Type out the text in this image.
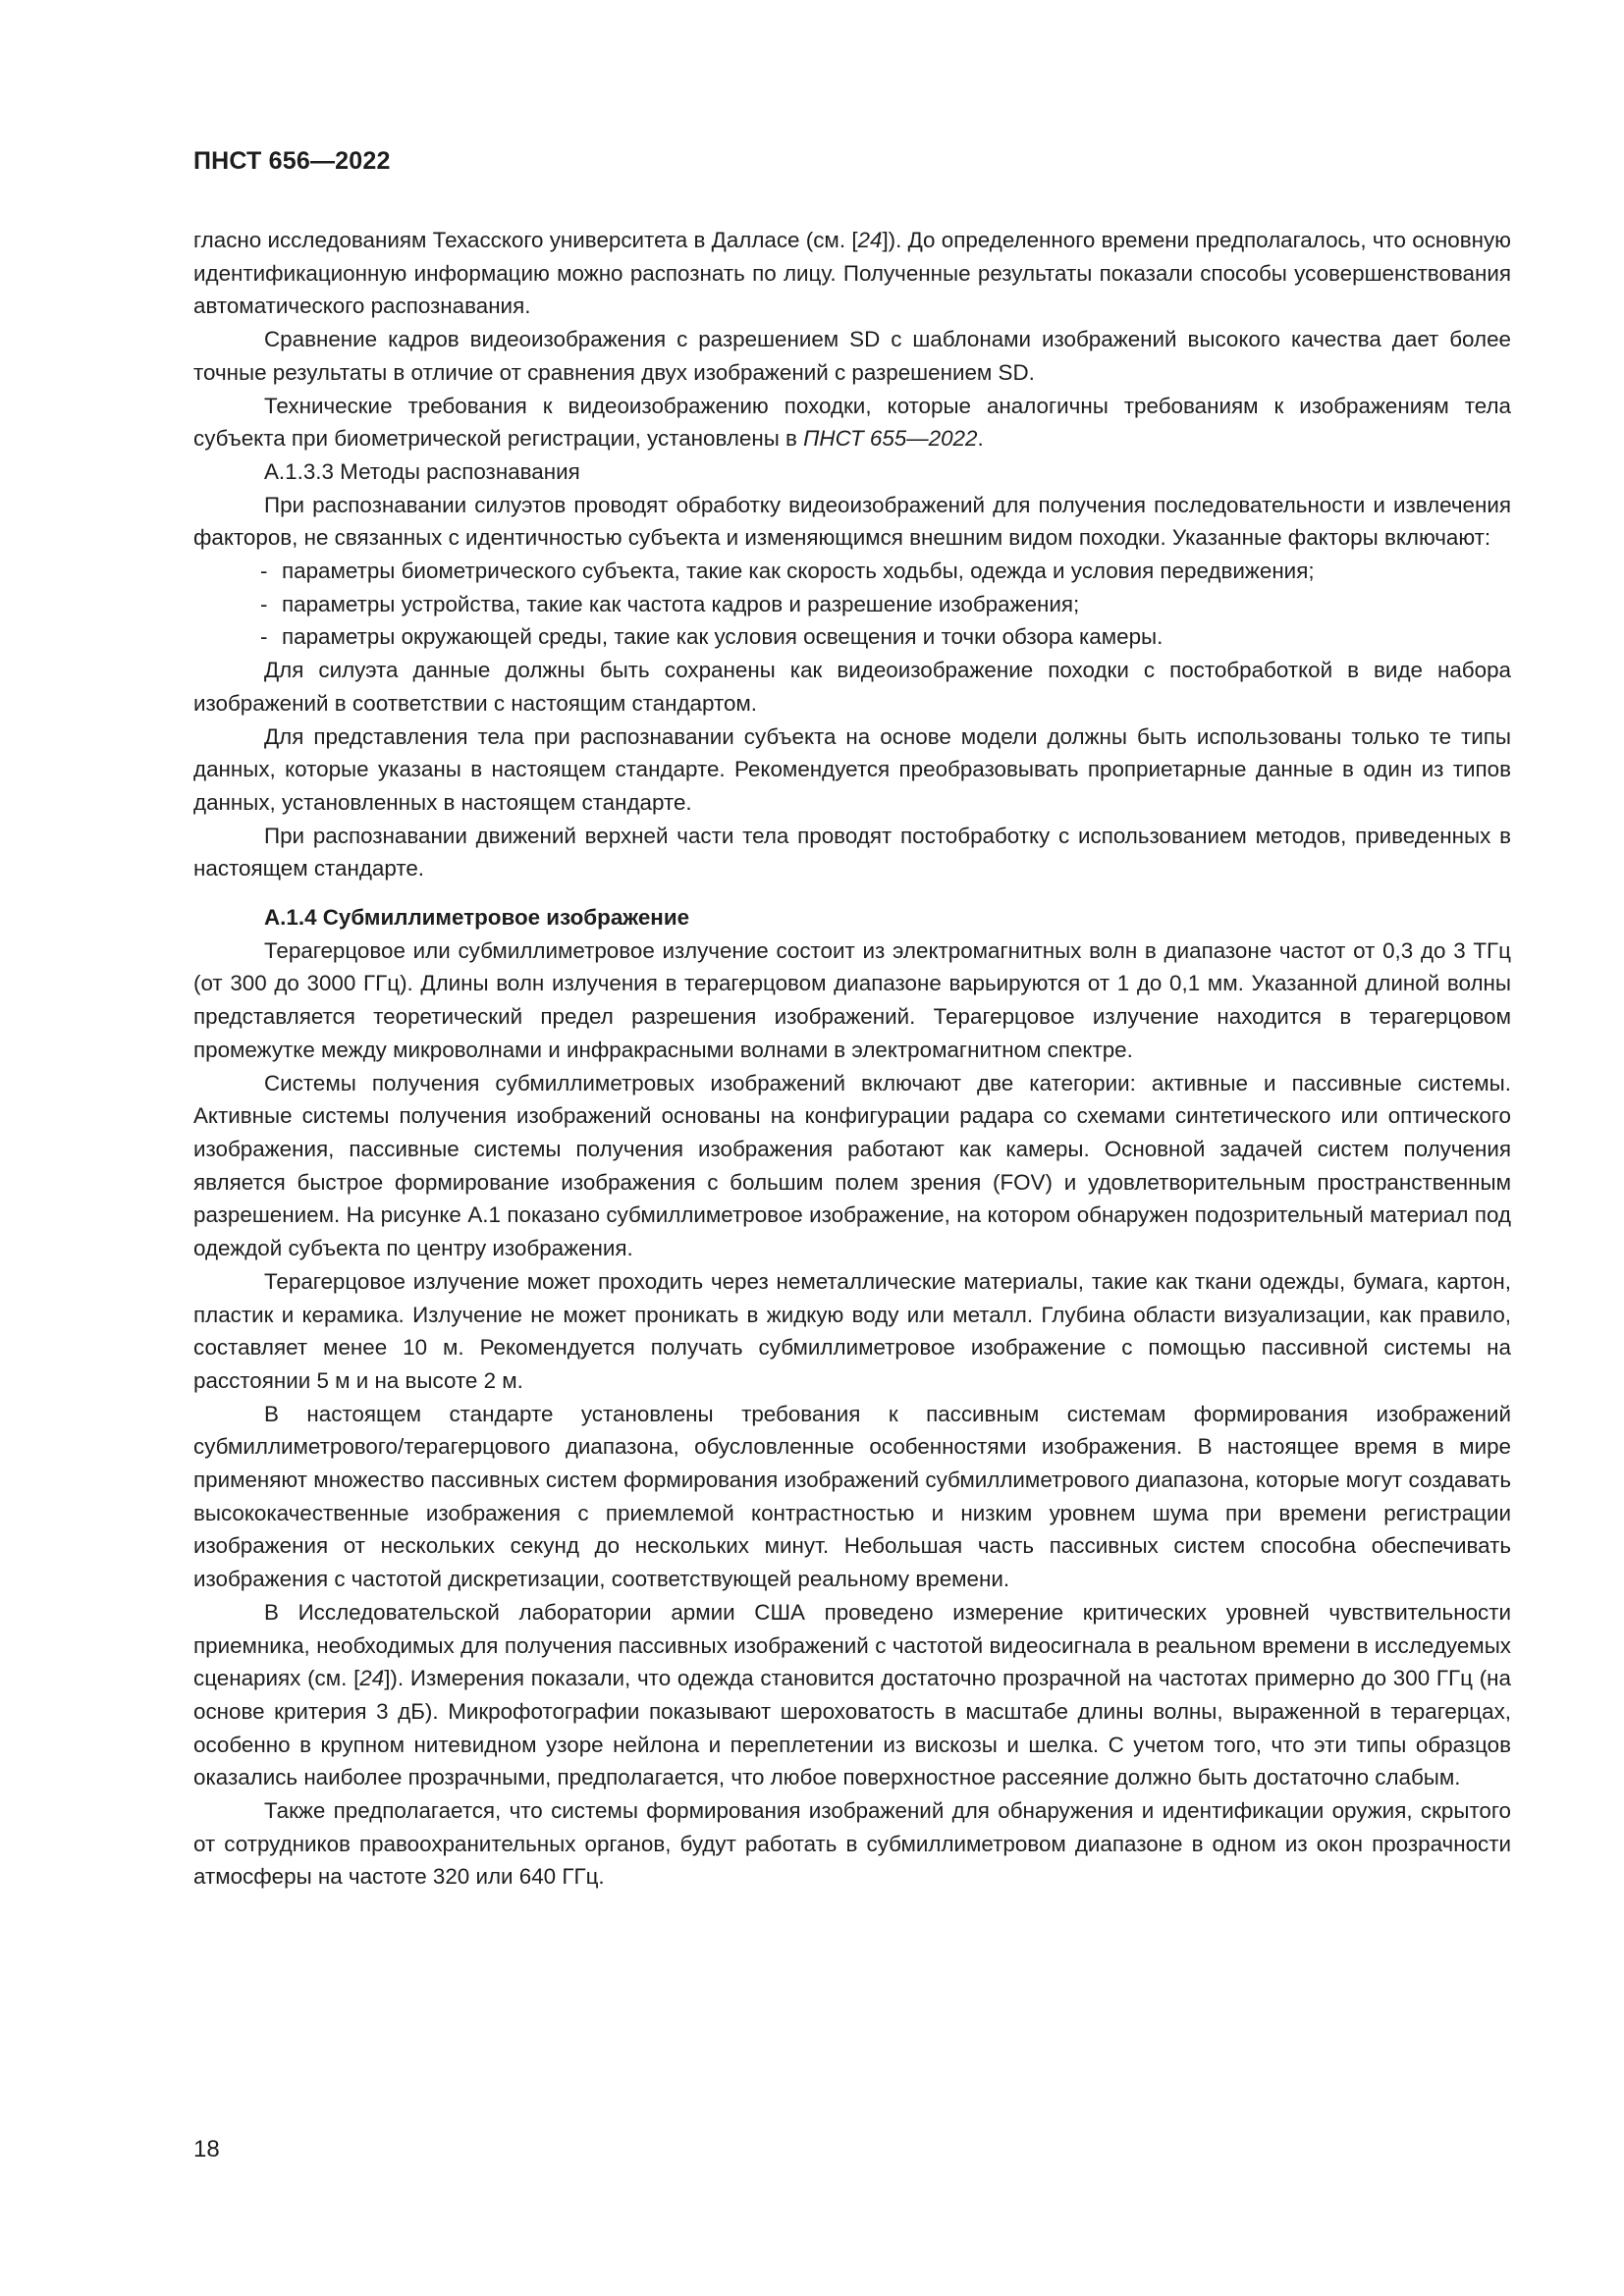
ПНСТ 656—2022

гласно исследованиям Техасского университета в Далласе (см. [24]). До определенного времени предполагалось, что основную идентификационную информацию можно распознать по лицу. Полученные результаты показали способы усовершенствования автоматического распознавания.

Сравнение кадров видеоизображения с разрешением SD с шаблонами изображений высокого качества дает более точные результаты в отличие от сравнения двух изображений с разрешением SD.

Технические требования к видеоизображению походки, которые аналогичны требованиям к изображениям тела субъекта при биометрической регистрации, установлены в ПНСТ 655—2022.

А.1.3.3 Методы распознавания

При распознавании силуэтов проводят обработку видеоизображений для получения последовательности и извлечения факторов, не связанных с идентичностью субъекта и изменяющимся внешним видом походки. Указанные факторы включают:

- параметры биометрического субъекта, такие как скорость ходьбы, одежда и условия передвижения;
- параметры устройства, такие как частота кадров и разрешение изображения;
- параметры окружающей среды, такие как условия освещения и точки обзора камеры.

Для силуэта данные должны быть сохранены как видеоизображение походки с постобработкой в виде набора изображений в соответствии с настоящим стандартом.

Для представления тела при распознавании субъекта на основе модели должны быть использованы только те типы данных, которые указаны в настоящем стандарте. Рекомендуется преобразовывать проприетарные данные в один из типов данных, установленных в настоящем стандарте.

При распознавании движений верхней части тела проводят постобработку с использованием методов, приведенных в настоящем стандарте.

А.1.4 Субмиллиметровое изображение

Терагерцовое или субмиллиметровое излучение состоит из электромагнитных волн в диапазоне частот от 0,3 до 3 ТГц (от 300 до 3000 ГГц). Длины волн излучения в терагерцовом диапазоне варьируются от 1 до 0,1 мм. Указанной длиной волны представляется теоретический предел разрешения изображений. Терагерцовое излучение находится в терагерцовом промежутке между микроволнами и инфракрасными волнами в электромагнитном спектре.

Системы получения субмиллиметровых изображений включают две категории: активные и пассивные системы. Активные системы получения изображений основаны на конфигурации радара со схемами синтетического или оптического изображения, пассивные системы получения изображения работают как камеры. Основной задачей систем получения является быстрое формирование изображения с большим полем зрения (FOV) и удовлетворительным пространственным разрешением. На рисунке А.1 показано субмиллиметровое изображение, на котором обнаружен подозрительный материал под одеждой субъекта по центру изображения.

Терагерцовое излучение может проходить через неметаллические материалы, такие как ткани одежды, бумага, картон, пластик и керамика. Излучение не может проникать в жидкую воду или металл. Глубина области визуализации, как правило, составляет менее 10 м. Рекомендуется получать субмиллиметровое изображение с помощью пассивной системы на расстоянии 5 м и на высоте 2 м.

В настоящем стандарте установлены требования к пассивным системам формирования изображений субмиллиметрового/терагерцового диапазона, обусловленные особенностями изображения. В настоящее время в мире применяют множество пассивных систем формирования изображений субмиллиметрового диапазона, которые могут создавать высококачественные изображения с приемлемой контрастностью и низким уровнем шума при времени регистрации изображения от нескольких секунд до нескольких минут. Небольшая часть пассивных систем способна обеспечивать изображения с частотой дискретизации, соответствующей реальному времени.

В Исследовательской лаборатории армии США проведено измерение критических уровней чувствительности приемника, необходимых для получения пассивных изображений с частотой видеосигнала в реальном времени в исследуемых сценариях (см. [24]). Измерения показали, что одежда становится достаточно прозрачной на частотах примерно до 300 ГГц (на основе критерия 3 дБ). Микрофотографии показывают шероховатость в масштабе длины волны, выраженной в терагерцах, особенно в крупном нитевидном узоре нейлона и переплетении из вискозы и шелка. С учетом того, что эти типы образцов оказались наиболее прозрачными, предполагается, что любое поверхностное рассеяние должно быть достаточно слабым.

Также предполагается, что системы формирования изображений для обнаружения и идентификации оружия, скрытого от сотрудников правоохранительных органов, будут работать в субмиллиметровом диапазоне в одном из окон прозрачности атмосферы на частоте 320 или 640 ГГц.

18
